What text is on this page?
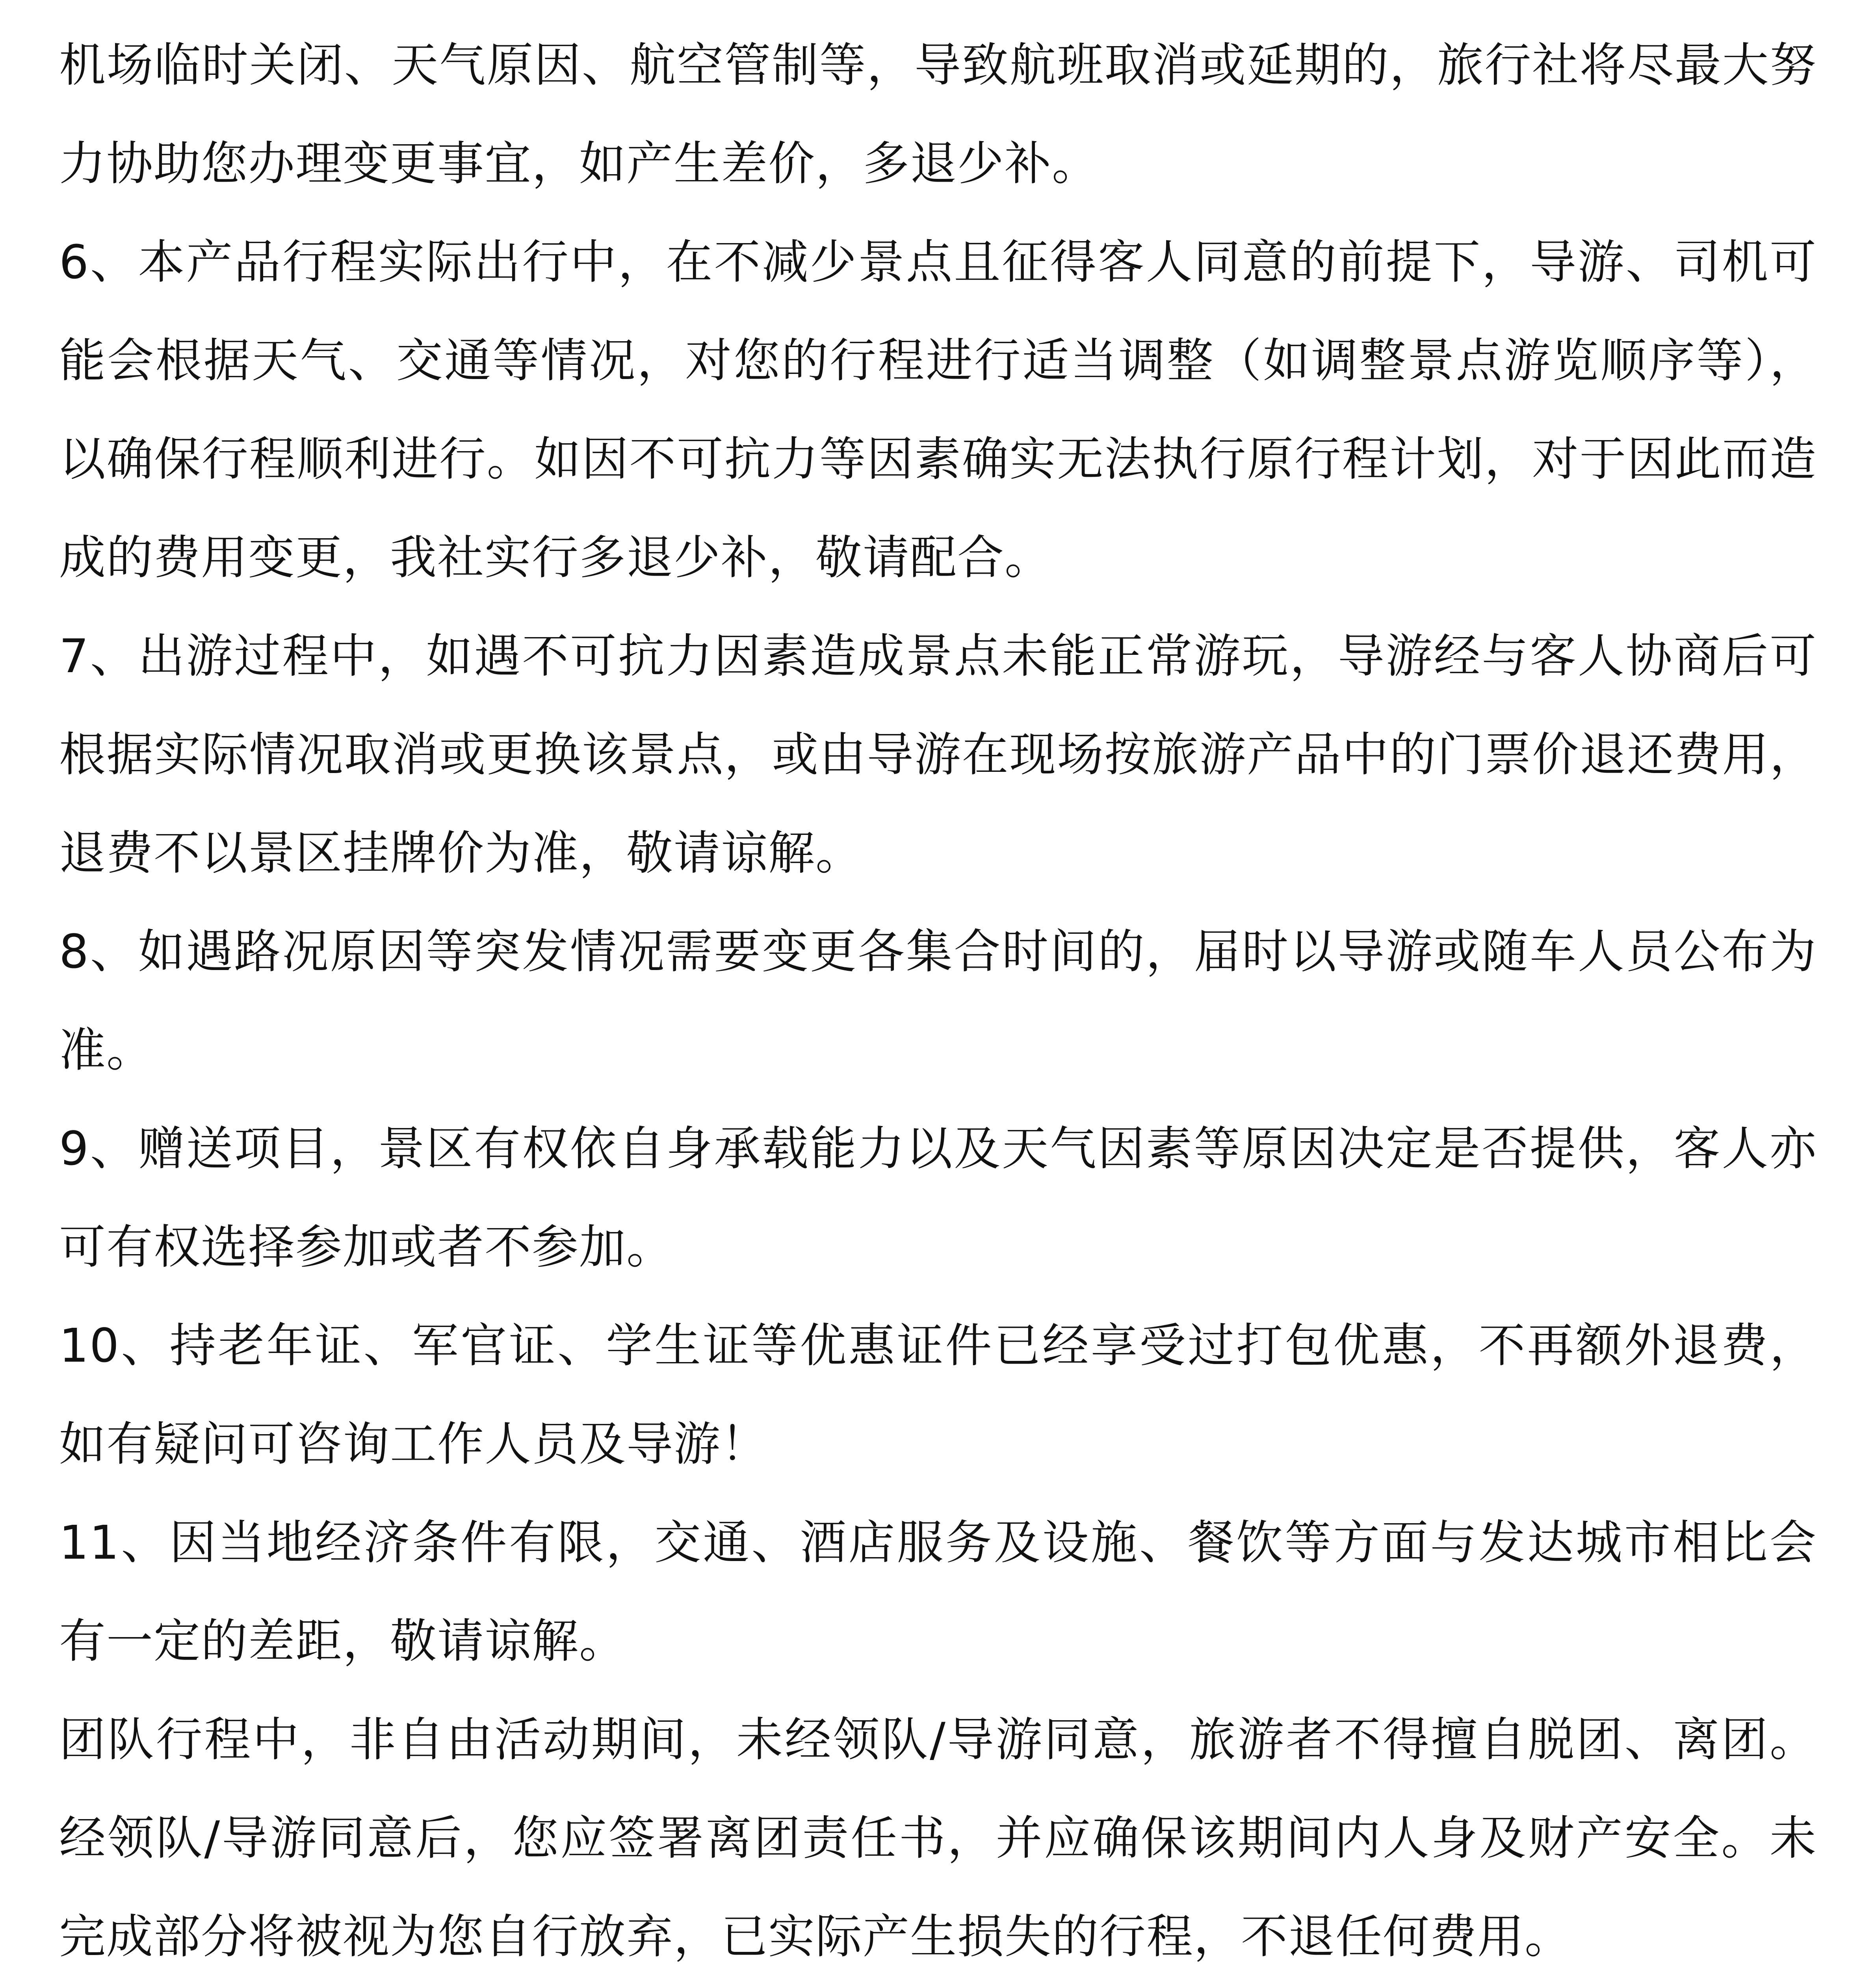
机场临时关闭、天气原因、航空管制等，导致航班取消或延期的，旅行社将尽最大努力协助您办理变更事宜，如产生差价，多退少补。

6、本产品行程实际出行中，在不减少景点且征得客人同意的前提下，导游、司机可能会根据天气、交通等情况，对您的行程进行适当调整（如调整景点游览顺序等），以确保行程顺利进行。如因不可抗力等因素确实无法执行原行程计划，对于因此而造成的费用变更，我社实行多退少补，敬请配合。

7、出游过程中，如遇不可抗力因素造成景点未能正常游玩，导游经与客人协商后可根据实际情况取消或更换该景点，或由导游在现场按旅游产品中的门票价退还费用，退费不以景区挂牌价为准，敬请谅解。

8、如遇路况原因等突发情况需要变更各集合时间的，届时以导游或随车人员公布为准。

9、赠送项目，景区有权依自身承载能力以及天气因素等原因决定是否提供，客人亦可有权选择参加或者不参加。

10、持老年证、军官证、学生证等优惠证件已经享受过打包优惠，不再额外退费，如有疑问可咨询工作人员及导游！

11、因当地经济条件有限，交通、酒店服务及设施、餐饮等方面与发达城市相比会有一定的差距，敬请谅解。

团队行程中，非自由活动期间，未经领队/导游同意，旅游者不得擅自脱团、离团。经领队/导游同意后，您应签署离团责任书，并应确保该期间内人身及财产安全。未完成部分将被视为您自行放弃，已实际产生损失的行程，不退任何费用。
